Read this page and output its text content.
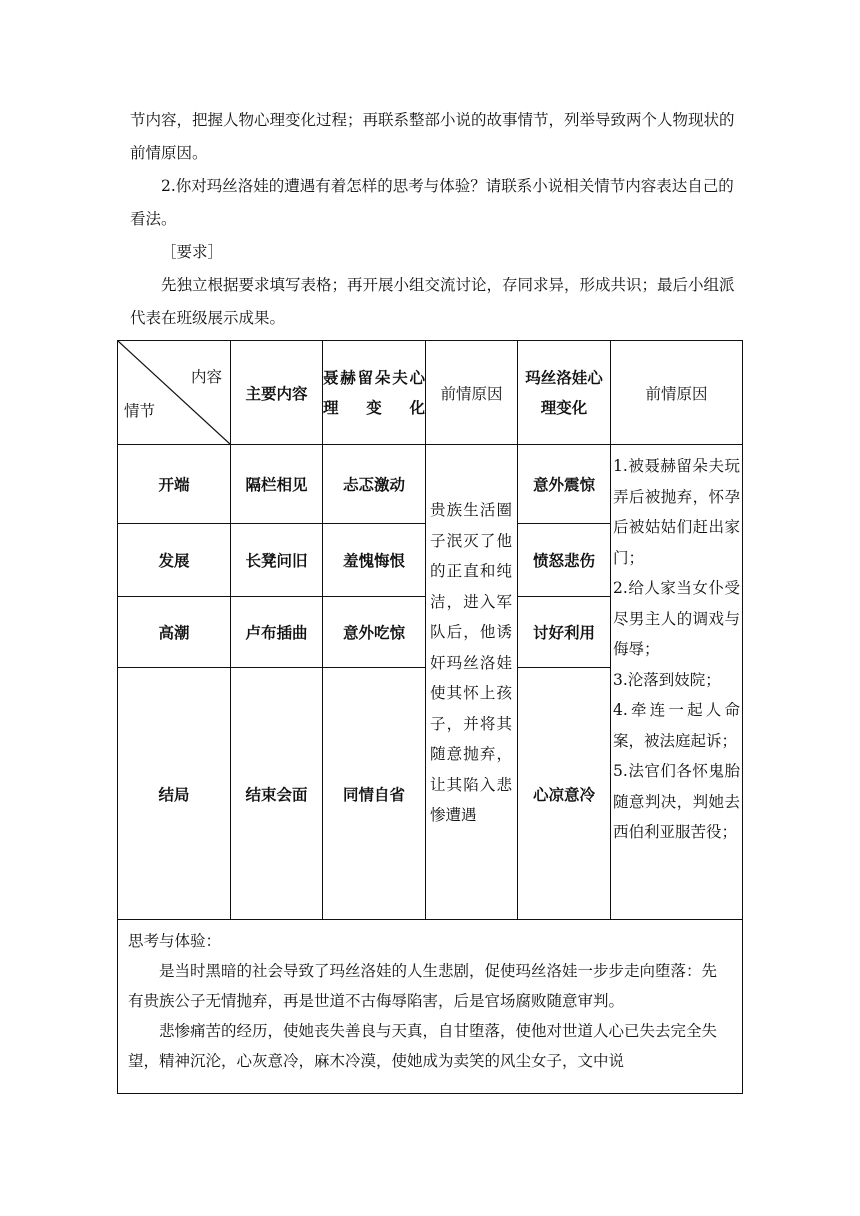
节内容，把握人物心理变化过程；再联系整部小说的故事情节，列举导致两个人物现状的前情原因。

2.你对玛丝洛娃的遭遇有着怎样的思考与体验？请联系小说相关情节内容表达自己的看法。

［要求］

先独立根据要求填写表格；再开展小组交流讨论，存同求异，形成共识；最后小组派代表在班级展示成果。

内容
情节	主要内容	聂赫留朵夫心理变化	前情原因	玛丝洛娃心理变化	前情原因
开端	隔栏相见	忐忑激动	贵族生活圈子泯灭了他的正直和纯洁，进入军队后，他诱奸玛丝洛娃使其怀上孩子，并将其随意抛弃，让其陷入悲惨遭遇	意外震惊	1.被聂赫留朵夫玩弄后被抛弃，怀孕后被姑姑们赶出家门；
2.给人家当女仆受尽男主人的调戏与侮辱；
3.沦落到妓院；
4.牵连一起人命案，被法庭起诉；
5.法官们各怀鬼胎随意判决，判她去西伯利亚服苦役；

发展	长凳问旧	羞愧悔恨		愤怒悲伤	
高潮	卢布插曲	意外吃惊		讨好利用	
结局	结束会面	同情自省		心凉意冷	

思考与体验：

是当时黑暗的社会导致了玛丝洛娃的人生悲剧，促使玛丝洛娃一步步走向堕落：先有贵族公子无情抛弃，再是世道不古侮辱陷害，后是官场腐败随意审判。

悲惨痛苦的经历，使她丧失善良与天真，自甘堕落，使他对世道人心已失去完全失望，精神沉沦，心灰意冷，麻木冷漠，使她成为卖笑的风尘女子，文中说					
